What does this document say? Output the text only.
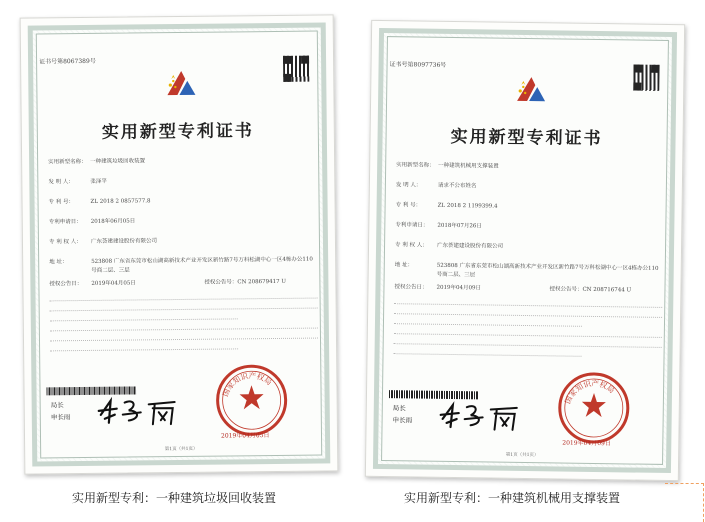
证书号第8067389号
实用新型专利证书
实用新型名称： 一种建筑垃圾回收装置
发 明 人：	张泽平
专 利 号：	ZL 2018 2 0857577.8
专利申请日：	2018年06月05日
专 利 权 人：	广东荟建建设股份有限公司
地 址：	523808 广东省东莞市松山湖高新技术产业开发区新竹路7号万科松湖中心一区4栋办公110号商二层、三层
授权公告日：	2019年04月05日	授权公告号：CN 208679417 U
局长
申长雨
国家知识产权局
2019年04月05日
第1页（共1页）
证书号第8097736号
实用新型专利证书
实用新型名称： 一种建筑机械用支撑装置
发 明 人：	请求不公布姓名
专 利 号：	ZL 2018 2 1199399.4
专利申请日：	2018年07月26日
专 利 权 人：	广东荟建建设股份有限公司
地 址：	523808 广东省东莞市松山湖高新技术产业开发区新竹路7号万科松湖中心一区4栋办公110号商二层、三层
授权公告日：	2019年04月09日	授权公告号：CN 208716744 U
局长
申长雨
国家知识产权局
2019年04月09日
第1页（共1页）
实用新型专利：一种建筑垃圾回收装置	实用新型专利：一种建筑机械用支撑装置
